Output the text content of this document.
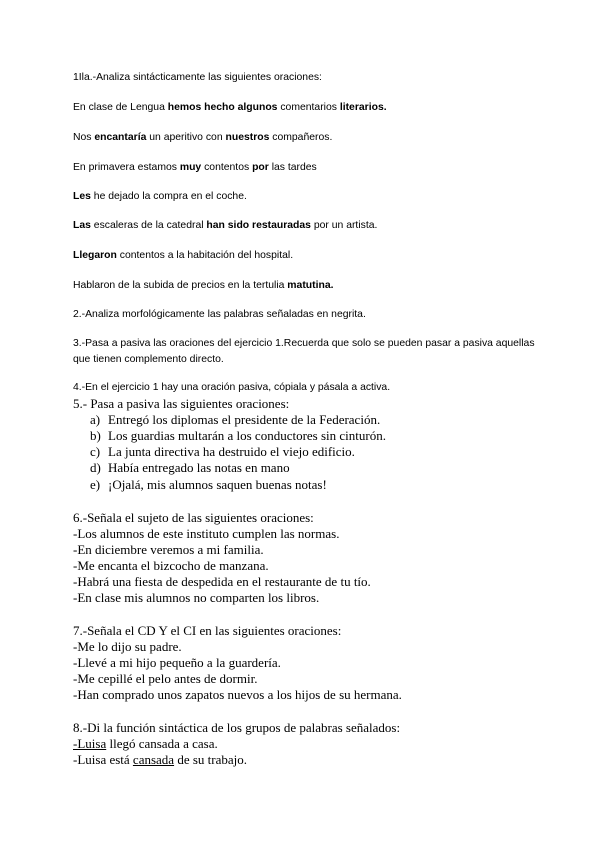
1Ila.-Analiza sintácticamente las siguientes oraciones:
En clase de Lengua hemos hecho algunos comentarios literarios.
Nos encantaría un aperitivo con nuestros compañeros.
En primavera estamos muy contentos por las tardes
Les he dejado la compra en el coche.
Las escaleras de la catedral han sido restauradas por un artista.
Llegaron contentos a la habitación del hospital.
Hablaron de la subida de precios en la tertulia matutina.
2.-Analiza morfológicamente las palabras señaladas en negrita.
3.-Pasa a pasiva las oraciones del ejercicio 1.Recuerda que solo se pueden pasar a pasiva aquellas que tienen complemento directo.
4.-En el ejercicio 1 hay una oración pasiva, cópiala y pásala a activa.
5.- Pasa a pasiva las siguientes oraciones:
a) Entregó los diplomas el presidente de la Federación.
b) Los guardias multarán a los conductores sin cinturón.
c) La junta directiva ha destruido el viejo edificio.
d) Había entregado las notas en mano
e) ¡Ojalá, mis alumnos saquen buenas notas!
6.-Señala el sujeto de las siguientes oraciones:
-Los alumnos de este instituto cumplen las normas.
-En diciembre veremos a mi familia.
-Me encanta el bizcocho de manzana.
-Habrá una fiesta de despedida en el restaurante de tu tío.
-En clase mis alumnos no comparten los libros.
7.-Señala el CD Y el CI en las siguientes oraciones:
-Me lo dijo su padre.
-Llevé a mi hijo pequeño a la guardería.
-Me cepillé el pelo antes de dormir.
-Han comprado unos zapatos nuevos a los hijos de su hermana.
8.-Di la función sintáctica de los grupos de palabras señalados:
-Luisa llegó cansada a casa.
-Luisa está cansada de su trabajo.
